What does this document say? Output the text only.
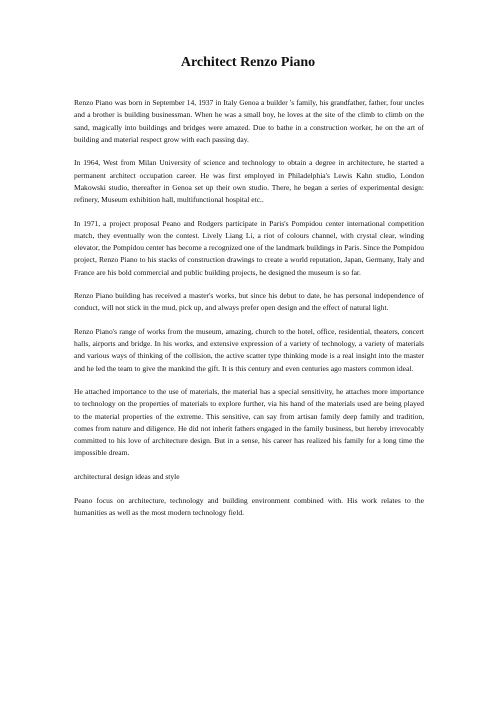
Architect Renzo Piano

Renzo Piano was born in September 14, 1937 in Italy Genoa a builder 's family, his grandfather, father, four uncles and a brother is building businessman. When he was a small boy, he loves at the site of the climb to climb on the sand, magically into buildings and bridges were amazed. Due to bathe in a construction worker, he on the art of building and material respect grow with each passing day.

In 1964, West from Milan University of science and technology to obtain a degree in architecture, he started a permanent architect occupation career. He was first employed in Philadelphia's Lewis Kahn studio, London Makowski studio, thereafter in Genoa set up their own studio. There, he began a series of experimental design: refinery, Museum exhibition hall, multifunctional hospital etc..

In 1971, a project proposal Peano and Rodgers participate in Paris's Pompidou center international competition match, they eventually won the contest. Lively Liang Li, a riot of colours channel, with crystal clear, winding elevator, the Pompidou center has become a recognized one of the landmark buildings in Paris. Since the Pompidou project, Renzo Piano to his stacks of construction drawings to create a world reputation, Japan, Germany, Italy and France are his bold commercial and public building projects, he designed the museum is so far.

Renzo Piano building has received a master's works, but since his debut to date, he has personal independence of conduct, will not stick in the mud, pick up, and always prefer open design and the effect of natural light.

Renzo Piano's range of works from the museum, amazing, church to the hotel, office, residential, theaters, concert halls, airports and bridge. In his works, and extensive expression of a variety of technology, a variety of materials and various ways of thinking of the collision, the active scatter type thinking mode is a real insight into the master and he led the team to give the mankind the gift. It is this century and even centuries ago masters common ideal.

He attached importance to the use of materials, the material has a special sensitivity, he attaches more importance to technology on the properties of materials to explore further, via his hand of the materials used are being played to the material properties of the extreme. This sensitive, can say from artisan family deep family and tradition, comes from nature and diligence. He did not inherit fathers engaged in the family business, but hereby irrevocably committed to his love of architecture design. But in a sense, his career has realized his family for a long time the impossible dream.

architectural design ideas and style

Peano focus on architecture, technology and building environment combined with. His work relates to the humanities as well as the most modern technology field.
